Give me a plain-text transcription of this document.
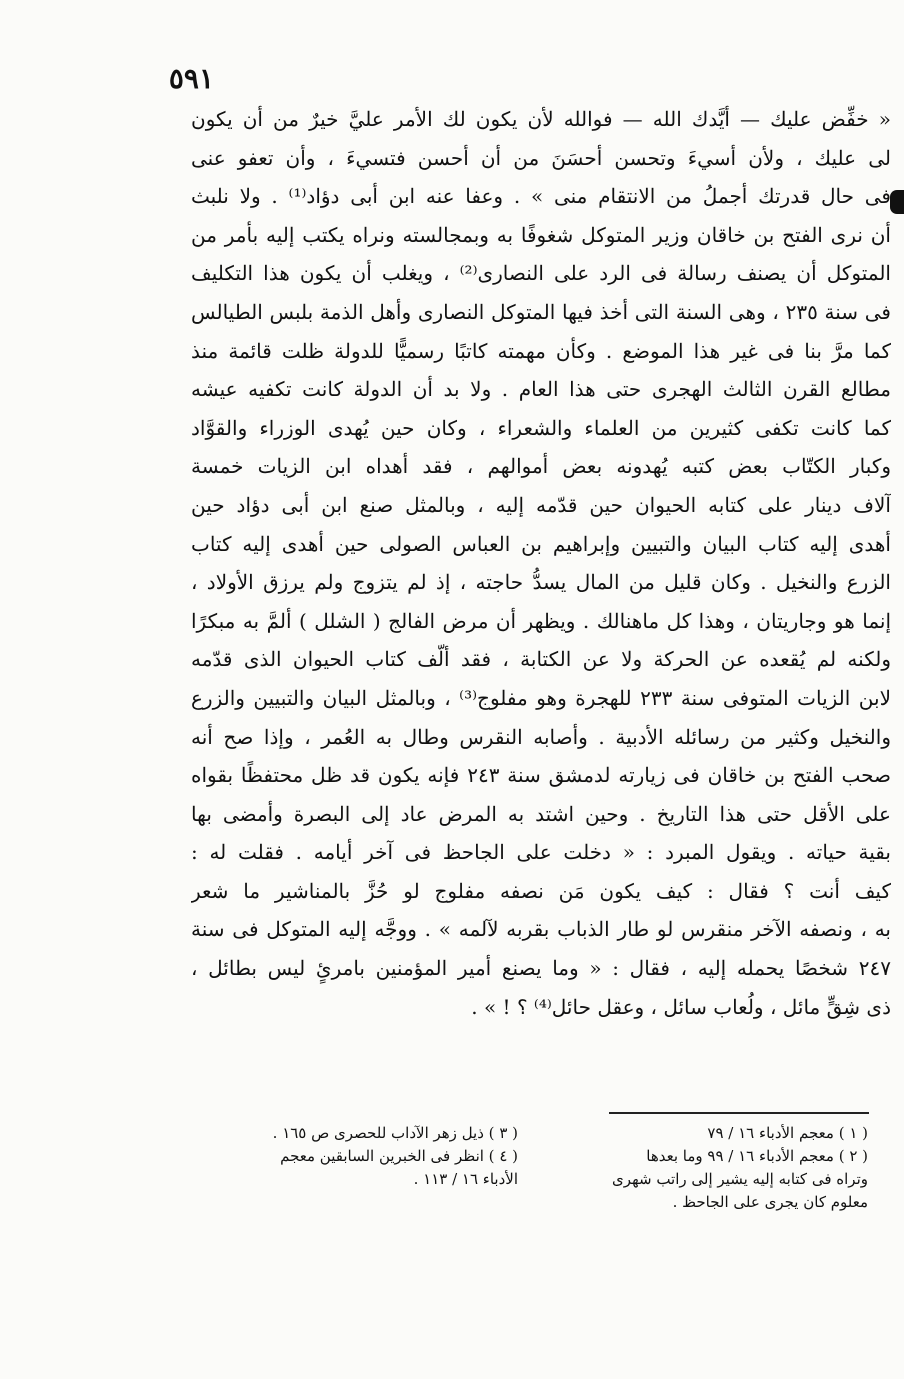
٥٩١
« خفِّض عليك — أيَّدك الله — فوالله لأن يكون لك الأمر عليَّ خيرٌ من أن يكون
لى عليك ، ولأن أسيءَ وتحسن أحسَنَ من أن أحسن فتسيءَ ، وأن تعفو عنى
فى حال قدرتك أجملُ من الانتقام منى » . وعفا عنه ابن أبى دؤاد⁽¹⁾ . ولا نلبث
أن نرى الفتح بن خاقان وزير المتوكل شغوفًا به وبمجالسته ونراه يكتب إليه بأمر من
المتوكل أن يصنف رسالة فى الرد على النصارى⁽²⁾ ، ويغلب أن يكون هذا التكليف
فى سنة ٢٣٥ ، وهى السنة التى أخذ فيها المتوكل النصارى وأهل الذمة بلبس الطيالس
كما مرَّ بنا فى غير هذا الموضع . وكأن مهمته كاتبًا رسميًّا للدولة ظلت قائمة منذ
مطالع القرن الثالث الهجرى حتى هذا العام . ولا بد أن الدولة كانت تكفيه عيشه
كما كانت تكفى كثيرين من العلماء والشعراء ، وكان حين يُهدى الوزراء والقوَّاد
وكبار الكتّاب بعض كتبه يُهدونه بعض أموالهم ، فقد أهداه ابن الزيات خمسة
آلاف دينار على كتابه الحيوان حين قدّمه إليه ، وبالمثل صنع ابن أبى دؤاد حين
أهدى إليه كتاب البيان والتبيين وإبراهيم بن العباس الصولى حين أهدى إليه كتاب
الزرع والنخيل . وكان قليل من المال يسدُّ حاجته ، إذ لم يتزوج ولم يرزق الأولاد ،
إنما هو وجاريتان ، وهذا كل ماهنالك . ويظهر أن مرض الفالج ( الشلل ) ألمَّ به مبكرًا
ولكنه لم يُقعده عن الحركة ولا عن الكتابة ، فقد ألّف كتاب الحيوان الذى قدّمه
لابن الزيات المتوفى سنة ٢٣٣ للهجرة وهو مفلوج⁽³⁾ ، وبالمثل البيان والتبيين والزرع
والنخيل وكثير من رسائله الأدبية . وأصابه النقرس وطال به العُمر ، وإذا صح أنه
صحب الفتح بن خاقان فى زيارته لدمشق سنة ٢٤٣ فإنه يكون قد ظل محتفظًا بقواه
على الأقل حتى هذا التاريخ . وحين اشتد به المرض عاد إلى البصرة وأمضى بها
بقية حياته . ويقول المبرد : « دخلت على الجاحظ فى آخر أيامه . فقلت له :
كيف أنت ؟ فقال : كيف يكون مَن نصفه مفلوج لو حُزَّ بالمناشير ما شعر
به ، ونصفه الآخر منقرس لو طار الذباب بقربه لآلمه » . ووجَّه إليه المتوكل فى سنة
٢٤٧ شخصًا يحمله إليه ، فقال : « وما يصنع أمير المؤمنين بامرئٍ ليس بطائل ،
ذى شِقٍّ مائل ، ولُعاب سائل ، وعقل حائل⁽⁴⁾ ؟ ! » .
( ١ ) معجم الأدباء ١٦ / ٧٩
( ٢ ) معجم الأدباء ١٦ / ٩٩ وما بعدها
وتراه فى كتابه إليه يشير إلى راتب شهرى
معلوم كان يجرى على الجاحظ .
( ٣ ) ذيل زهر الآداب للحصرى ص ١٦٥ .
( ٤ ) انظر فى الخبرين السابقين معجم
الأدباء ١٦ / ١١٣ .
